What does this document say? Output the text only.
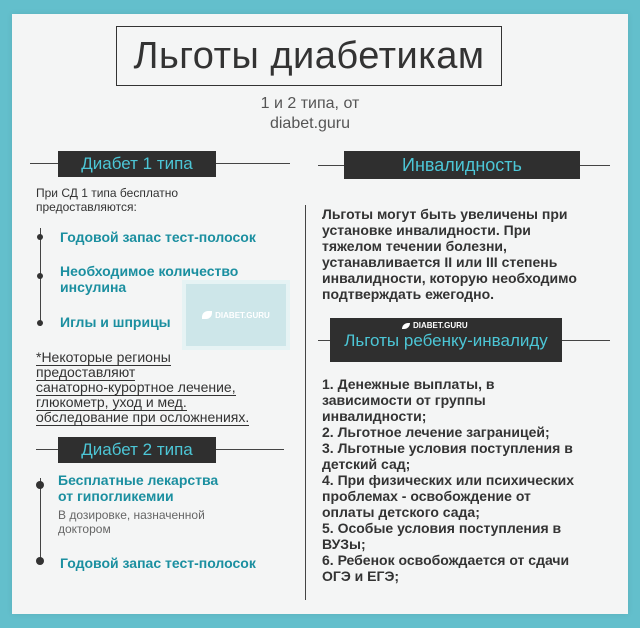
Льготы диабетикам
1 и 2 типа, от
diabet.guru
Диабет 1 типа
При СД 1 типа бесплатно
предоставляются:
Годовой запас тест-полосок
Необходимое количество
инсулина
Иглы и шприцы	DIABET.GURU
*Некоторые регионы
предоставляют
санаторно-курортное лечение,
глюкометр, уход и мед.
обследование при осложнениях.
Диабет 2 типа
Бесплатные лекарства
от гипогликемии
В дозировке, назначенной
доктором
Годовой запас тест-полосок
Инвалидность
Льготы могут быть увеличены при
установке инвалидности. При
тяжелом течении болезни,
устанавливается II или III степень
инвалидности, которую необходимо
подтверждать ежегодно.
DIABET.GURU
Льготы ребенку-инвалиду
1. Денежные выплаты, в
зависимости от группы
инвалидности;
2. Льготное лечение заграницей;
3. Льготные условия поступления в
детский сад;
4. При физических или психических
проблемах - освобождение от
оплаты детского сада;
5. Особые условия поступления в
ВУЗы;
6. Ребенок освобождается от сдачи
ОГЭ и ЕГЭ;
